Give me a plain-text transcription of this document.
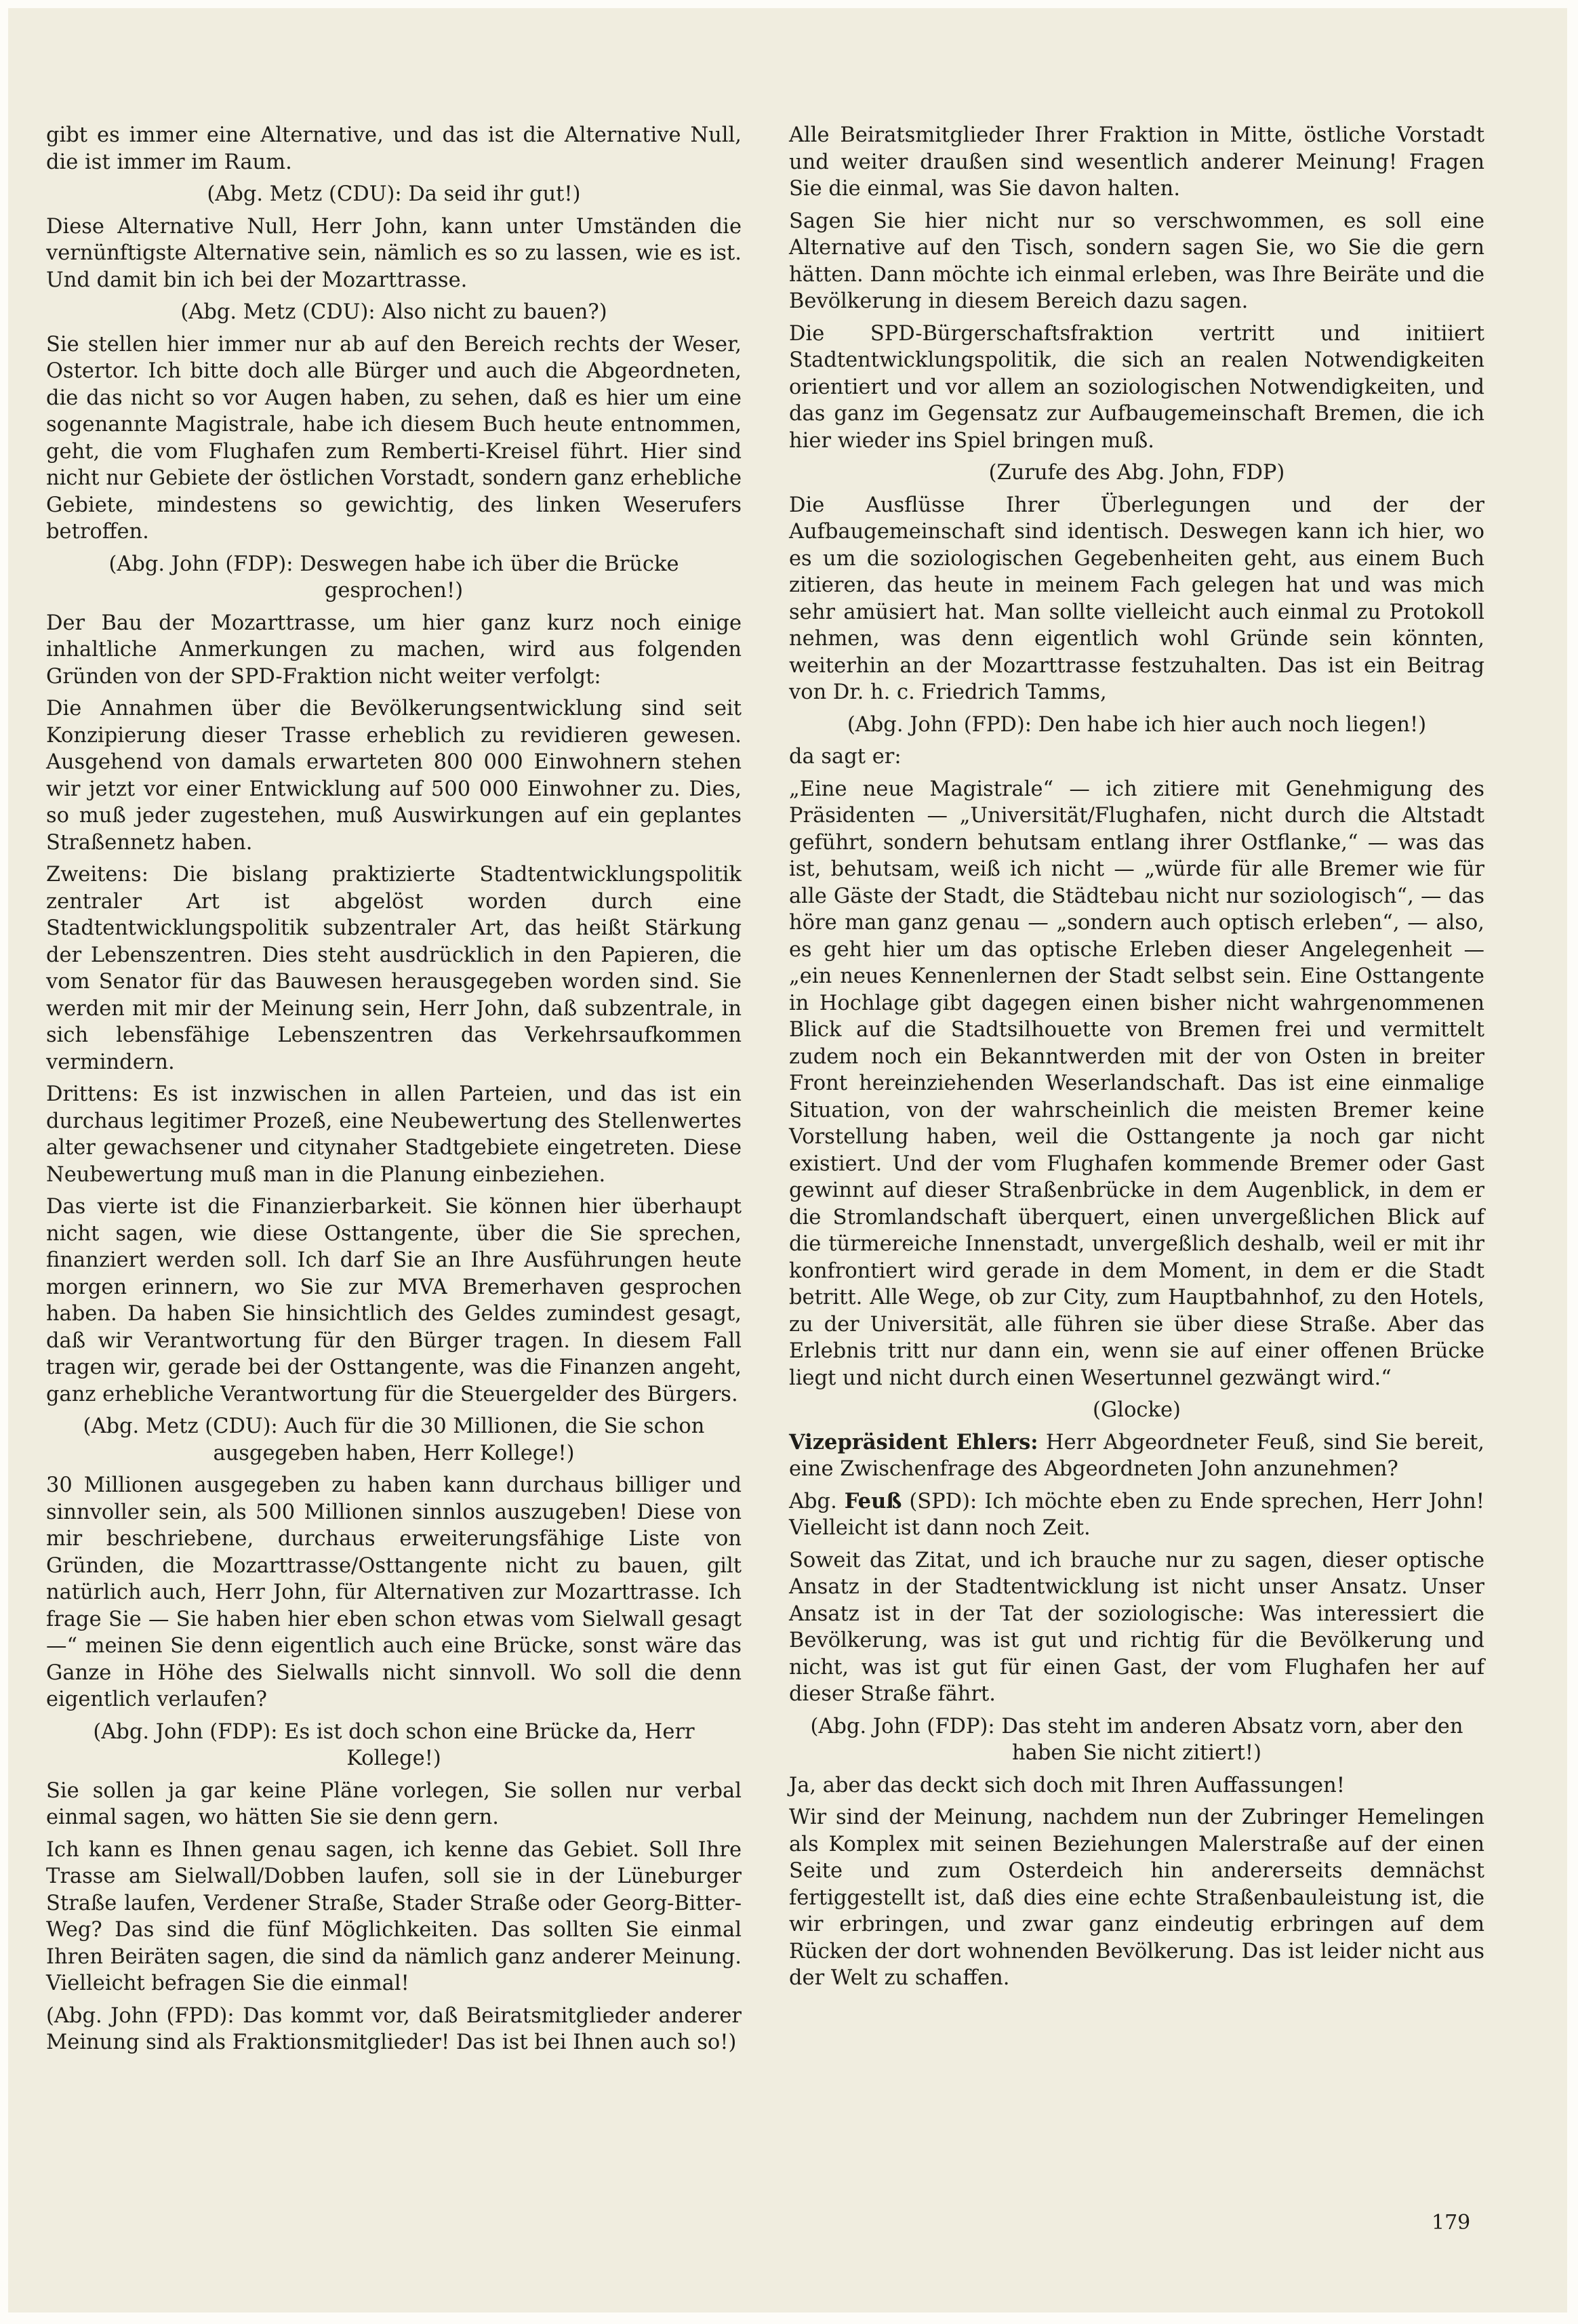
gibt es immer eine Alternative, und das ist die Alternative Null, die ist immer im Raum.

(Abg. Metz (CDU): Da seid ihr gut!)

Diese Alternative Null, Herr John, kann unter Umständen die vernünftigste Alternative sein, nämlich es so zu lassen, wie es ist. Und damit bin ich bei der Mozarttrasse.

(Abg. Metz (CDU): Also nicht zu bauen?)

Sie stellen hier immer nur ab auf den Bereich rechts der Weser, Ostertor. Ich bitte doch alle Bürger und auch die Abgeordneten, die das nicht so vor Augen haben, zu sehen, daß es hier um eine sogenannte Magistrale, habe ich diesem Buch heute entnommen, geht, die vom Flughafen zum Remberti-Kreisel führt. Hier sind nicht nur Gebiete der östlichen Vorstadt, sondern ganz erhebliche Gebiete, mindestens so gewichtig, des linken Weserufers betroffen.

(Abg. John (FDP): Deswegen habe ich über die Brücke gesprochen!)

Der Bau der Mozarttrasse, um hier ganz kurz noch einige inhaltliche Anmerkungen zu machen, wird aus folgenden Gründen von der SPD-Fraktion nicht weiter verfolgt:

Die Annahmen über die Bevölkerungsentwicklung sind seit Konzipierung dieser Trasse erheblich zu revidieren gewesen. Ausgehend von damals erwarteten 800 000 Einwohnern stehen wir jetzt vor einer Entwicklung auf 500 000 Einwohner zu. Dies, so muß jeder zugestehen, muß Auswirkungen auf ein geplantes Straßennetz haben.

Zweitens: Die bislang praktizierte Stadtentwicklungspolitik zentraler Art ist abgelöst worden durch eine Stadtentwicklungspolitik subzentraler Art, das heißt Stärkung der Lebenszentren. Dies steht ausdrücklich in den Papieren, die vom Senator für das Bauwesen herausgegeben worden sind. Sie werden mit mir der Meinung sein, Herr John, daß subzentrale, in sich lebensfähige Lebenszentren das Verkehrsaufkommen vermindern.

Drittens: Es ist inzwischen in allen Parteien, und das ist ein durchaus legitimer Prozeß, eine Neubewertung des Stellenwertes alter gewachsener und citynaher Stadtgebiete eingetreten. Diese Neubewertung muß man in die Planung einbeziehen.

Das vierte ist die Finanzierbarkeit. Sie können hier überhaupt nicht sagen, wie diese Osttangente, über die Sie sprechen, finanziert werden soll. Ich darf Sie an Ihre Ausführungen heute morgen erinnern, wo Sie zur MVA Bremerhaven gesprochen haben. Da haben Sie hinsichtlich des Geldes zumindest gesagt, daß wir Verantwortung für den Bürger tragen. In diesem Fall tragen wir, gerade bei der Osttangente, was die Finanzen angeht, ganz erhebliche Verantwortung für die Steuergelder des Bürgers.

(Abg. Metz (CDU): Auch für die 30 Millionen, die Sie schon ausgegeben haben, Herr Kollege!)

30 Millionen ausgegeben zu haben kann durchaus billiger und sinnvoller sein, als 500 Millionen sinnlos auszugeben! Diese von mir beschriebene, durchaus erweiterungsfähige Liste von Gründen, die Mozarttrasse/Osttangente nicht zu bauen, gilt natürlich auch, Herr John, für Alternativen zur Mozarttrasse. Ich frage Sie — Sie haben hier eben schon etwas vom Sielwall gesagt —“ meinen Sie denn eigentlich auch eine Brücke, sonst wäre das Ganze in Höhe des Sielwalls nicht sinnvoll. Wo soll die denn eigentlich verlaufen?

(Abg. John (FDP): Es ist doch schon eine Brücke da, Herr Kollege!)

Sie sollen ja gar keine Pläne vorlegen, Sie sollen nur verbal einmal sagen, wo hätten Sie sie denn gern.

Ich kann es Ihnen genau sagen, ich kenne das Gebiet. Soll Ihre Trasse am Sielwall/Dobben laufen, soll sie in der Lüneburger Straße laufen, Verdener Straße, Stader Straße oder Georg-Bitter-Weg? Das sind die fünf Möglichkeiten. Das sollten Sie einmal Ihren Beiräten sagen, die sind da nämlich ganz anderer Meinung. Vielleicht befragen Sie die einmal!

(Abg. John (FPD): Das kommt vor, daß Beiratsmitglieder anderer Meinung sind als Fraktionsmitglieder! Das ist bei Ihnen auch so!)

Alle Beiratsmitglieder Ihrer Fraktion in Mitte, östliche Vorstadt und weiter draußen sind wesentlich anderer Meinung! Fragen Sie die einmal, was Sie davon halten.

Sagen Sie hier nicht nur so verschwommen, es soll eine Alternative auf den Tisch, sondern sagen Sie, wo Sie die gern hätten. Dann möchte ich einmal erleben, was Ihre Beiräte und die Bevölkerung in diesem Bereich dazu sagen.

Die SPD-Bürgerschaftsfraktion vertritt und initiiert Stadtentwicklungspolitik, die sich an realen Notwendigkeiten orientiert und vor allem an soziologischen Notwendigkeiten, und das ganz im Gegensatz zur Aufbaugemeinschaft Bremen, die ich hier wieder ins Spiel bringen muß.

(Zurufe des Abg. John, FDP)

Die Ausflüsse Ihrer Überlegungen und der der Aufbaugemeinschaft sind identisch. Deswegen kann ich hier, wo es um die soziologischen Gegebenheiten geht, aus einem Buch zitieren, das heute in meinem Fach gelegen hat und was mich sehr amüsiert hat. Man sollte vielleicht auch einmal zu Protokoll nehmen, was denn eigentlich wohl Gründe sein könnten, weiterhin an der Mozarttrasse festzuhalten. Das ist ein Beitrag von Dr. h. c. Friedrich Tamms,

(Abg. John (FPD): Den habe ich hier auch noch liegen!)

da sagt er:

„Eine neue Magistrale“ — ich zitiere mit Genehmigung des Präsidenten — „Universität/Flughafen, nicht durch die Altstadt geführt, sondern behutsam entlang ihrer Ostflanke,“ — was das ist, behutsam, weiß ich nicht — „würde für alle Bremer wie für alle Gäste der Stadt, die Städtebau nicht nur soziologisch“, — das höre man ganz genau — „sondern auch optisch erleben“, — also, es geht hier um das optische Erleben dieser Angelegenheit — „ein neues Kennenlernen der Stadt selbst sein. Eine Osttangente in Hochlage gibt dagegen einen bisher nicht wahrgenommenen Blick auf die Stadtsilhouette von Bremen frei und vermittelt zudem noch ein Bekanntwerden mit der von Osten in breiter Front hereinziehenden Weserlandschaft. Das ist eine einmalige Situation, von der wahrscheinlich die meisten Bremer keine Vorstellung haben, weil die Osttangente ja noch gar nicht existiert. Und der vom Flughafen kommende Bremer oder Gast gewinnt auf dieser Straßenbrücke in dem Augenblick, in dem er die Stromlandschaft überquert, einen unvergeßlichen Blick auf die türmereiche Innenstadt, unvergeßlich deshalb, weil er mit ihr konfrontiert wird gerade in dem Moment, in dem er die Stadt betritt. Alle Wege, ob zur City, zum Hauptbahnhof, zu den Hotels, zu der Universität, alle führen sie über diese Straße. Aber das Erlebnis tritt nur dann ein, wenn sie auf einer offenen Brücke liegt und nicht durch einen Wesertunnel gezwängt wird.“

(Glocke)

Vizepräsident Ehlers: Herr Abgeordneter Feuß, sind Sie bereit, eine Zwischenfrage des Abgeordneten John anzunehmen?

Abg. Feuß (SPD): Ich möchte eben zu Ende sprechen, Herr John! Vielleicht ist dann noch Zeit.

Soweit das Zitat, und ich brauche nur zu sagen, dieser optische Ansatz in der Stadtentwicklung ist nicht unser Ansatz. Unser Ansatz ist in der Tat der soziologische: Was interessiert die Bevölkerung, was ist gut und richtig für die Bevölkerung und nicht, was ist gut für einen Gast, der vom Flughafen her auf dieser Straße fährt.

(Abg. John (FDP): Das steht im anderen Absatz vorn, aber den haben Sie nicht zitiert!)

Ja, aber das deckt sich doch mit Ihren Auffassungen!

Wir sind der Meinung, nachdem nun der Zubringer Hemelingen als Komplex mit seinen Beziehungen Malerstraße auf der einen Seite und zum Osterdeich hin andererseits demnächst fertiggestellt ist, daß dies eine echte Straßenbauleistung ist, die wir erbringen, und zwar ganz eindeutig erbringen auf dem Rücken der dort wohnenden Bevölkerung. Das ist leider nicht aus der Welt zu schaffen.

179
